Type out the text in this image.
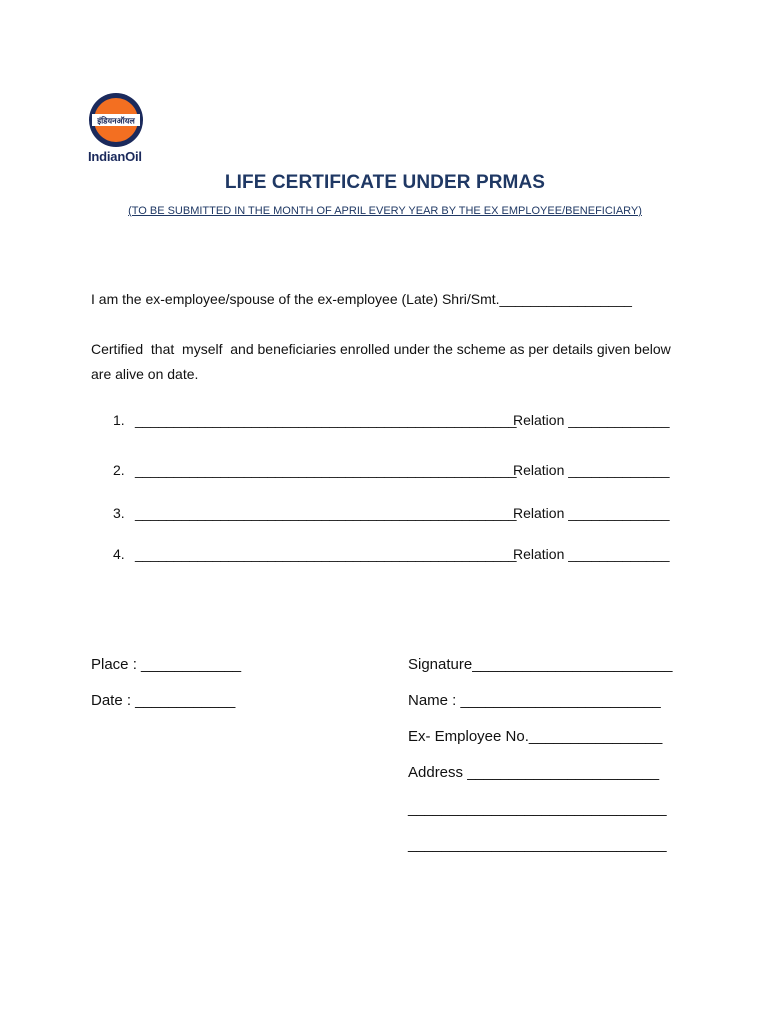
इंडियनऑयल
IndianOil
LIFE CERTIFICATE UNDER PRMAS
(TO BE SUBMITTED IN THE MONTH OF APRIL EVERY YEAR BY THE EX EMPLOYEE/BENEFICIARY)
I am the ex-employee/spouse of the ex-employee (Late) Shri/Smt._________________
Certified  that  myself  and beneficiaries enrolled under the scheme as per details given below
are alive on date.
1. _________________________________________________
Relation _____________
2. _________________________________________________
Relation _____________
3. _________________________________________________
Relation _____________
4. _________________________________________________
Relation _____________
Place : ____________
Date : ____________
Signature________________________
Name : ________________________
Ex- Employee No.________________
Address _______________________
_______________________________
_______________________________
